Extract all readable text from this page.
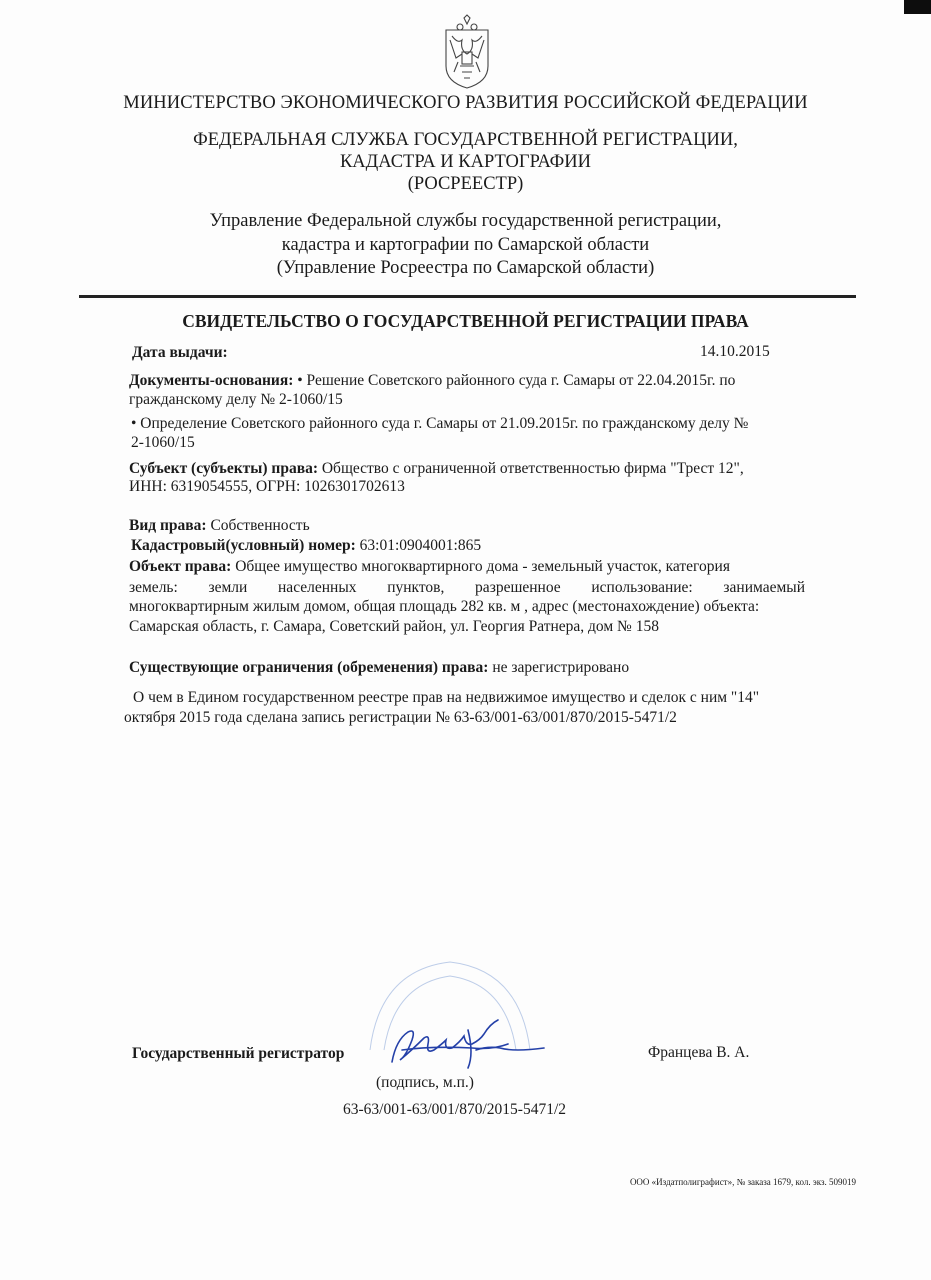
МИНИСТЕРСТВО ЭКОНОМИЧЕСКОГО РАЗВИТИЯ РОССИЙСКОЙ ФЕДЕРАЦИИ
ФЕДЕРАЛЬНАЯ СЛУЖБА ГОСУДАРСТВЕННОЙ РЕГИСТРАЦИИ,
КАДАСТРА И КАРТОГРАФИИ
(РОСРЕЕСТР)
Управление Федеральной службы государственной регистрации,
кадастра и картографии по Самарской области
(Управление Росреестра по Самарской области)
СВИДЕТЕЛЬСТВО О ГОСУДАРСТВЕННОЙ РЕГИСТРАЦИИ ПРАВА
Дата выдачи:	14.10.2015
Документы-основания: • Решение Советского районного суда г. Самары от 22.04.2015г. по
гражданскому делу № 2-1060/15
• Определение Советского районного суда г. Самары от 21.09.2015г. по гражданскому делу №
2-1060/15
Субъект (субъекты) права: Общество с ограниченной ответственностью фирма "Трест 12",
ИНН: 6319054555, ОГРН: 1026301702613
Вид права: Собственность
Кадастровый(условный) номер: 63:01:0904001:865
Объект права: Общее имущество многоквартирного дома - земельный участок, категория
земель: земли населенных пунктов, разрешенное использование: занимаемый
многоквартирным жилым домом, общая площадь 282 кв. м , адрес (местонахождение) объекта:
Самарская область, г. Самара, Советский район, ул. Георгия Ратнера, дом № 158
Существующие ограничения (обременения) права: не зарегистрировано
О чем в Едином государственном реестре прав на недвижимое имущество и сделок с ним "14"
октября 2015 года сделана запись регистрации № 63-63/001-63/001/870/2015-5471/2
Государственный регистратор	Францева В. А.
(подпись, м.п.)
63-63/001-63/001/870/2015-5471/2
ООО «Издатполиграфист», № заказа 1679, кол. экз. 509019
